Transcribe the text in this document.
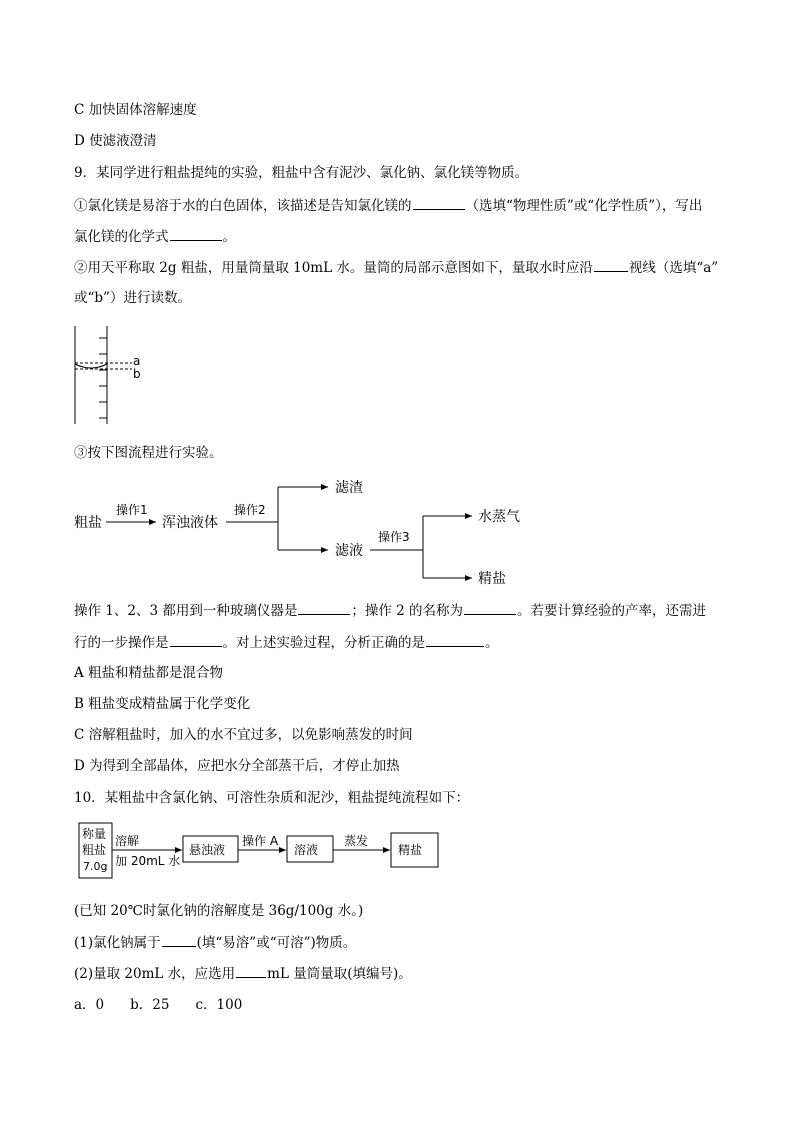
C 加快固体溶解速度
D 使滤液澄清
9．某同学进行粗盐提纯的实验，粗盐中含有泥沙、氯化钠、氯化镁等物质。
①氯化镁是易溶于水的白色固体，该描述是告知氯化镁的	（选填“物理性质”或“化学性质”），写出
氯化镁的化学式	。
②用天平称取 2g 粗盐，用量筒量取 10mL 水。量筒的局部示意图如下，量取水时应沿	视线（选填“a”
或“b”）进行读数。
a
b
③按下图流程进行实验。
粗盐
操作1
浑浊液体
操作2
滤渣
滤液
操作3
水蒸气
精盐
操作 1、2、3 都用到一种玻璃仪器是	；操作 2 的名称为	。若要计算经验的产率，还需进
行的一步操作是	。对上述实验过程，分析正确的是	。
A 粗盐和精盐都是混合物
B 粗盐变成精盐属于化学变化
C 溶解粗盐时，加入的水不宜过多，以免影响蒸发的时间
D 为得到全部晶体，应把水分全部蒸干后，才停止加热
10．某粗盐中含氯化钠、可溶性杂质和泥沙，粗盐提纯流程如下：
称量
粗盐
7.0g
溶解
加 20mL 水
悬浊液
操作 A
溶液
蒸发
精盐
(已知 20℃时氯化钠的溶解度是 36g/100g 水。)
(1)氯化钠属于	(填“易溶”或“可溶”)物质。
(2)量取 20mL 水，应选用 mL 量筒量取(填编号)。
a．0 b．25 c．100
